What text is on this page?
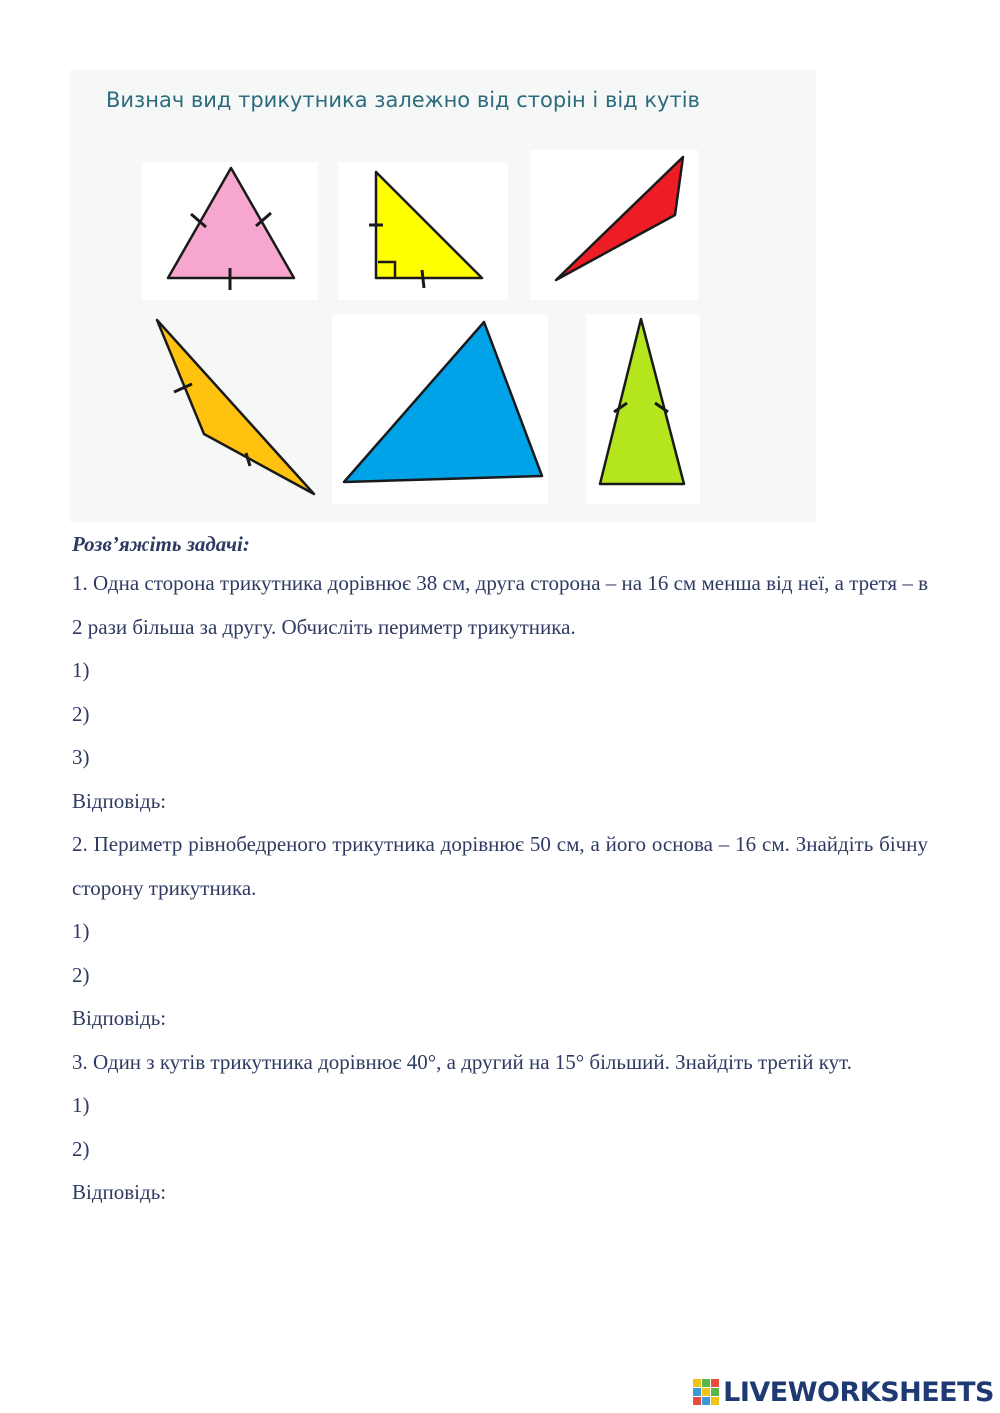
Визнач вид трикутника залежно від сторін і від кутів
Розв’яжіть задачі:
1. Одна сторона трикутника дорівнює 38 см, друга сторона – на 16 см менша від неї, а третя – в 2 рази більша за другу. Обчисліть периметр трикутника.
1)
2)
3)
Відповідь:
2. Периметр рівнобедреного трикутника дорівнює 50 см, а його основа – 16 см. Знайдіть бічну сторону трикутника.
1)
2)
Відповідь:
3. Один з кутів трикутника дорівнює 40°, а другий на 15° більший. Знайдіть третій кут.
1)
2)
Відповідь:
LIVEWORKSHEETS
